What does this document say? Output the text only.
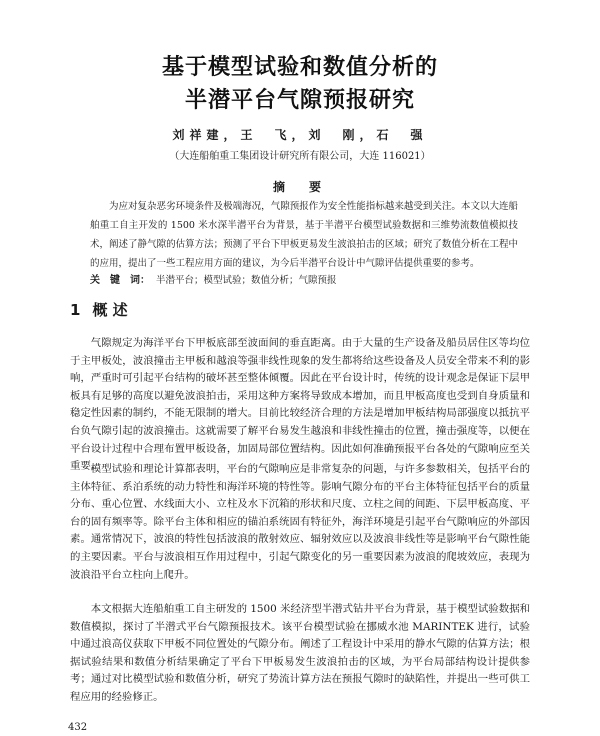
基于模型试验和数值分析的
半潜平台气隙预报研究
刘祥建，王　飞，刘　刚，石　强
（大连船舶重工集团设计研究所有限公司，大连 116021）
摘　要
为应对复杂恶劣环境条件及极端海况，气隙预报作为安全性能指标越来越受到关注。本文以大连船舶重工自主开发的 1500 米水深半潜平台为背景，基于半潜平台模型试验数据和三维势流数值模拟技术，阐述了静气隙的估算方法；预测了平台下甲板更易发生波浪拍击的区域；研究了数值分析在工程中的应用，提出了一些工程应用方面的建议，为今后半潜平台设计中气隙评估提供重要的参考。
关　键　词： 半潜平台；模型试验；数值分析；气隙预报
1 概 述
气隙规定为海洋平台下甲板底部至波面间的垂直距离。由于大量的生产设备及船员居住区等均位于主甲板处，波浪撞击主甲板和越浪等强非线性现象的发生都将给这些设备及人员安全带来不利的影响，严重时可引起平台结构的破坏甚至整体倾覆。因此在平台设计时，传统的设计观念是保证下层甲板具有足够的高度以避免波浪拍击，采用这种方案将导致成本增加，而且甲板高度也受到自身质量和稳定性因素的制约，不能无限制的增大。目前比较经济合理的方法是增加甲板结构局部强度以抵抗平台负气隙引起的波浪撞击。这就需要了解平台易发生越浪和非线性撞击的位置，撞击强度等，以便在平台设计过程中合理布置甲板设备，加固局部位置结构。因此如何准确预报平台各处的气隙响应至关重要。
模型试验和理论计算都表明，平台的气隙响应是非常复杂的问题，与许多参数相关，包括平台的主体特征、系泊系统的动力特性和海洋环境的特性等。影响气隙分布的平台主体特征包括平台的质量分布、重心位置、水线面大小、立柱及水下沉箱的形状和尺度、立柱之间的间距、下层甲板高度、平台的固有频率等。除平台主体和相应的锚泊系统固有特征外，海洋环境是引起平台气隙响应的外部因素。通常情况下，波浪的特性包括波浪的散射效应、辐射效应以及波浪非线性等是影响平台气隙性能的主要因素。平台与波浪相互作用过程中，引起气隙变化的另一重要因素为波浪的爬坡效应，表现为波浪沿平台立柱向上爬升。
本文根据大连船舶重工自主研发的 1500 米经济型半潜式钻井平台为背景，基于模型试验数据和数值模拟，探讨了半潜式平台气隙预报技术。该平台模型试验在挪威水池 MARINTEK 进行，试验中通过浪高仪获取下甲板不同位置处的气隙分布。阐述了工程设计中采用的静水气隙的估算方法；根据试验结果和数值分析结果确定了平台下甲板易发生波浪拍击的区域，为平台局部结构设计提供参考；通过对比模型试验和数值分析，研究了势流计算方法在预报气隙时的缺陷性，并提出一些可供工程应用的经验修正。
432
